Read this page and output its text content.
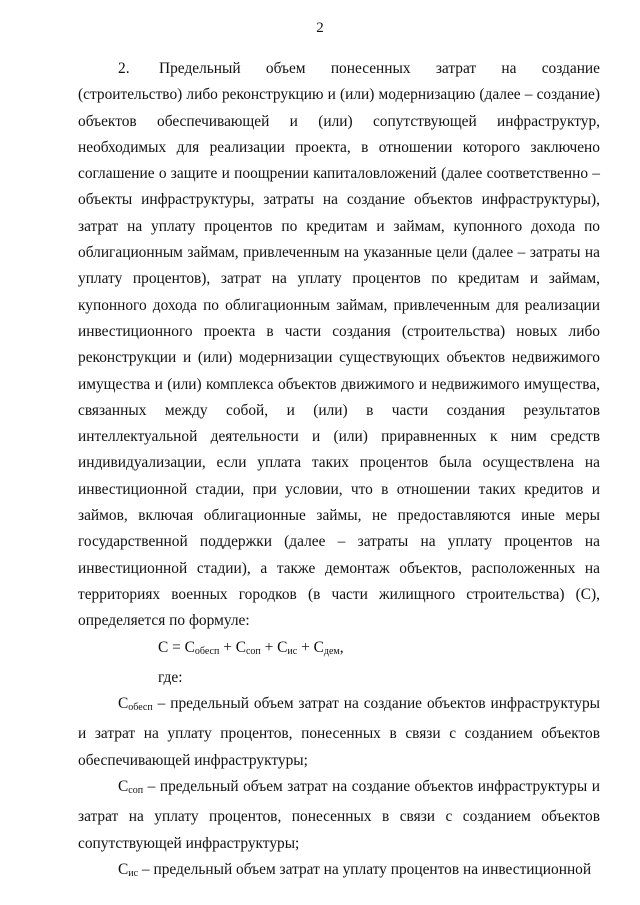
2

2. Предельный объем понесенных затрат на создание (строительство) либо реконструкцию и (или) модернизацию (далее – создание) объектов обеспечивающей и (или) сопутствующей инфраструктур, необходимых для реализации проекта, в отношении которого заключено соглашение о защите и поощрении капиталовложений (далее соответственно – объекты инфраструктуры, затраты на создание объектов инфраструктуры), затрат на уплату процентов по кредитам и займам, купонного дохода по облигационным займам, привлеченным на указанные цели (далее – затраты на уплату процентов), затрат на уплату процентов по кредитам и займам, купонного дохода по облигационным займам, привлеченным для реализации инвестиционного проекта в части создания (строительства) новых либо реконструкции и (или) модернизации существующих объектов недвижимого имущества и (или) комплекса объектов движимого и недвижимого имущества, связанных между собой, и (или) в части создания результатов интеллектуальной деятельности и (или) приравненных к ним средств индивидуализации, если уплата таких процентов была осуществлена на инвестиционной стадии, при условии, что в отношении таких кредитов и займов, включая облигационные займы, не предоставляются иные меры государственной поддержки (далее – затраты на уплату процентов на инвестиционной стадии), а также демонтаж объектов, расположенных на территориях военных городков (в части жилищного строительства) (С), определяется по формуле:

$С = С_{обесп} + С_{соп} + С_{ис} + С_{дем}$,

где:

$С_{обесп}$ – предельный объем затрат на создание объектов инфраструктуры и затрат на уплату процентов, понесенных в связи с созданием объектов обеспечивающей инфраструктуры;

$С_{соп}$ – предельный объем затрат на создание объектов инфраструктуры и затрат на уплату процентов, понесенных в связи с созданием объектов сопутствующей инфраструктуры;

$С_{ис}$ – предельный объем затрат на уплату процентов на инвестиционной
